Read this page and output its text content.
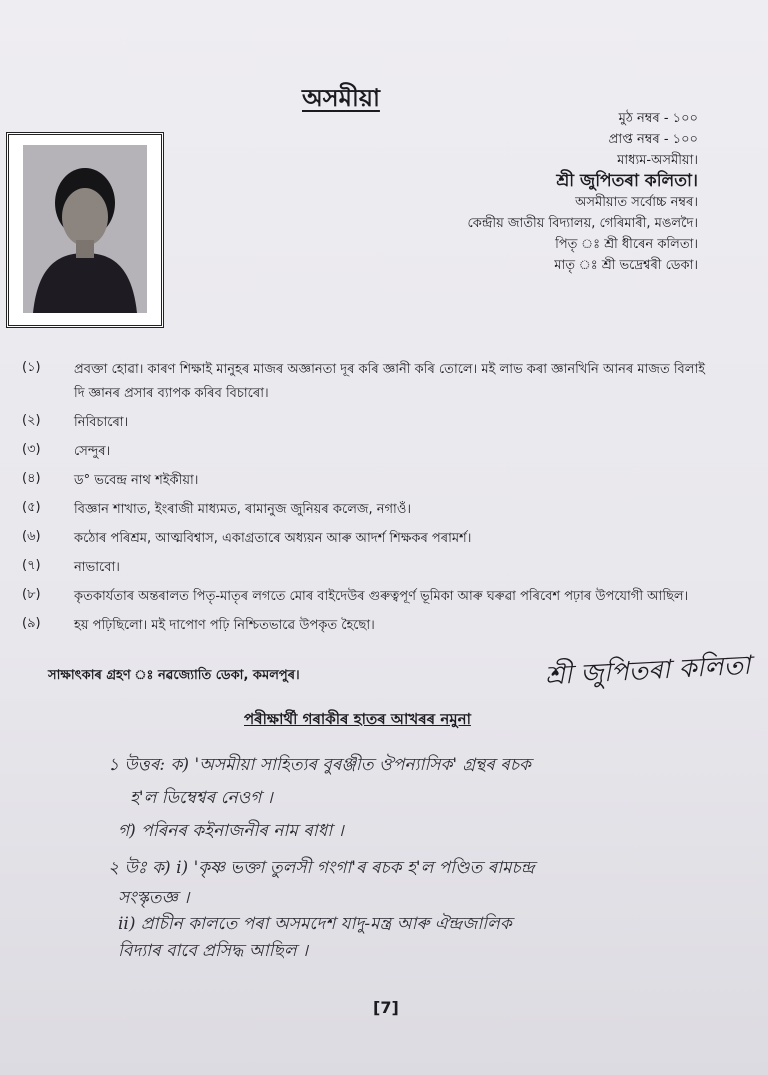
অসমীয়া
মুঠ নম্বৰ - ১০০
প্ৰাপ্ত নম্বৰ - ১০০
মাধ্যম-অসমীয়া।
শ্ৰী জুপিতৰা কলিতা।
অসমীয়াত সৰ্বোচ্চ নম্বৰ।
কেন্দ্ৰীয় জাতীয় বিদ্যালয়, গেৰিমাৰী, মঙলদৈ।
পিতৃ ঃ শ্ৰী ধীৰেন কলিতা।
মাতৃ ঃ শ্ৰী ভদ্ৰেশ্বৰী ডেকা।
(১)	প্ৰবক্তা হোৱা। কাৰণ শিক্ষাই মানুহৰ মাজৰ অজ্ঞানতা দূৰ কৰি জ্ঞানী কৰি তোলে। মই লাভ কৰা জ্ঞানখিনি আনৰ মাজত বিলাই দি জ্ঞানৰ প্ৰসাৰ ব্যাপক কৰিব বিচাৰো।
(২)	নিবিচাৰো।
(৩)	সেন্দুৰ।
(৪)	ড° ভবেন্দ্ৰ নাথ শইকীয়া।
(৫)	বিজ্ঞান শাখাত, ইংৰাজী মাধ্যমত, ৰামানুজ জুনিয়ৰ কলেজ, নগাওঁ।
(৬)	কঠোৰ পৰিশ্ৰম, আত্মবিশ্বাস, একাগ্ৰতাৰে অধ্যয়ন আৰু আদৰ্শ শিক্ষকৰ পৰামৰ্শ।
(৭)	নাভাবো।
(৮)	কৃতকাৰ্যতাৰ অন্তৰালত পিতৃ-মাতৃৰ লগতে মোৰ বাইদেউৰ গুৰুত্বপূৰ্ণ ভূমিকা আৰু ঘৰুৱা পৰিবেশ পঢ়াৰ উপযোগী আছিল।
(৯)	হয় পঢ়িছিলো। মই দাপোণ পঢ়ি নিশ্চিতভাৱে উপকৃত হৈছো।
সাক্ষাৎকাৰ গ্ৰহণ ঃ নৱজ্যোতি ডেকা, কমলপুৰ।	শ্ৰী জুপিতৰা কলিতা
পৰীক্ষাৰ্থী গৰাকীৰ হাতৰ আখৰৰ নমুনা
১ উত্তৰ: ক) 'অসমীয়া সাহিত্যৰ বুৰঞ্জীত ঔপন্যাসিক' গ্ৰন্থৰ ৰচক
হ'ল ডিম্বেশ্বৰ নেওগ ।
গ) পৰিনৰ কইনাজনীৰ নাম ৰাধা ।
২ উঃ ক) i) 'কৃষ্ণ ভক্তা তুলসী গংগা'ৰ ৰচক হ'ল পণ্ডিত ৰামচন্দ্ৰ
সংস্কৃতজ্ঞ ।
ii) প্ৰাচীন কালতে পৰা অসমদেশ যাদু-মন্ত্ৰ আৰু ঐন্দ্ৰজালিক
বিদ্যাৰ বাবে প্ৰসিদ্ধ আছিল ।
[7]
